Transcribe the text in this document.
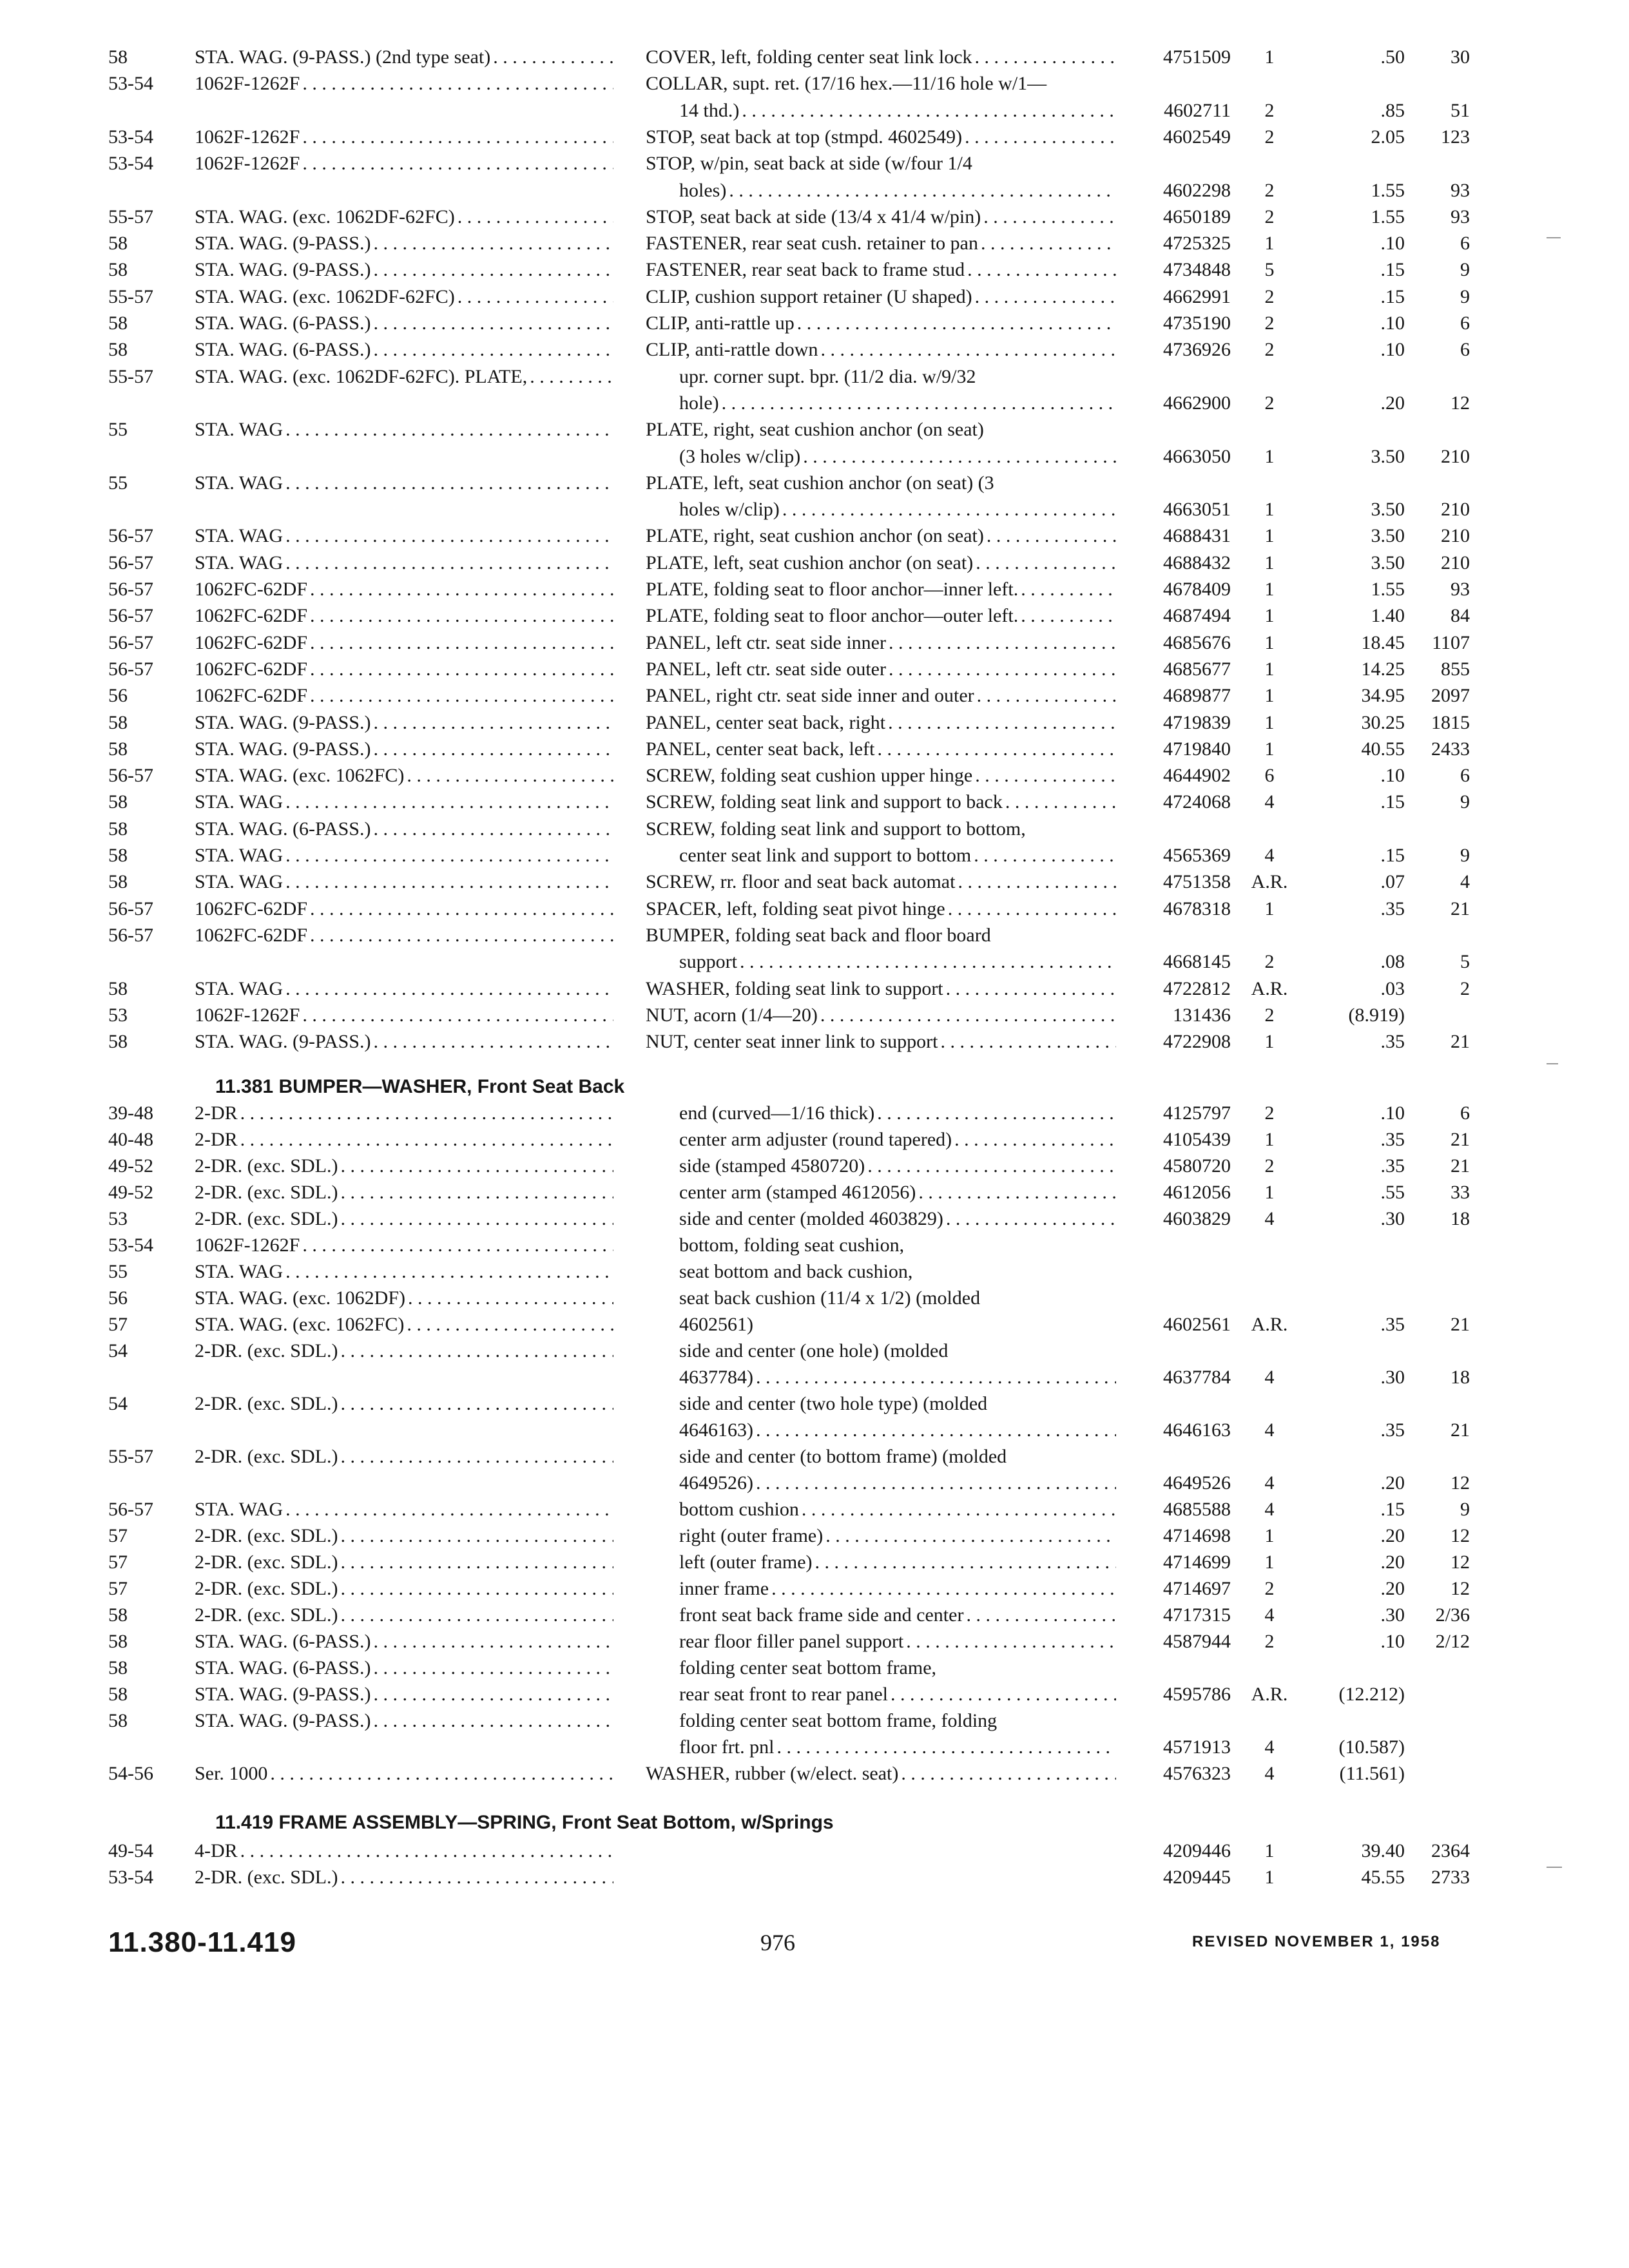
58	STA. WAG. (9-PASS.) (2nd type seat) . . .	COVER, left, folding center seat link lock . . .	4751509	1	.50	30
53-54	1062F-1262F . . .	COLLAR, supt. ret. (17/16 hex.—11/16 hole w/1—
14 thd.) . . .	4602711	2	.85	51
53-54	1062F-1262F . . .	STOP, seat back at top (stmpd. 4602549) . . .	4602549	2	2.05	123
53-54	1062F-1262F . . .	STOP, w/pin, seat back at side (w/four 1/4
holes) . . .	4602298	2	1.55	93
55-57	STA. WAG. (exc. 1062DF-62FC) . . .	STOP, seat back at side (13/4 x 41/4 w/pin) . . .	4650189	2	1.55	93
58	STA. WAG. (9-PASS.) . . .	FASTENER, rear seat cush. retainer to pan . . .	4725325	1	.10	6
58	STA. WAG. (9-PASS.) . . .	FASTENER, rear seat back to frame stud . . .	4734848	5	.15	9
55-57	STA. WAG. (exc. 1062DF-62FC) . . .	CLIP, cushion support retainer (U shaped) . . .	4662991	2	.15	9
58	STA. WAG. (6-PASS.) . . .	CLIP, anti-rattle up . . .	4735190	2	.10	6
58	STA. WAG. (6-PASS.) . . .	CLIP, anti-rattle down . . .	4736926	2	.10	6
55-57	STA. WAG. (exc. 1062DF-62FC). PLATE, . . .	upr. corner supt. bpr. (11/2 dia. w/9/32
hole) . . .	4662900	2	.20	12
55	STA. WAG . . .	PLATE, right, seat cushion anchor (on seat)
(3 holes w/clip) . . .	4663050	1	3.50	210
55	STA. WAG . . .	PLATE, left, seat cushion anchor (on seat) (3
holes w/clip) . . .	4663051	1	3.50	210
56-57	STA. WAG . . .	PLATE, right, seat cushion anchor (on seat) . . .	4688431	1	3.50	210
56-57	STA. WAG . . .	PLATE, left, seat cushion anchor (on seat) . . .	4688432	1	3.50	210
56-57	1062FC-62DF . . .	PLATE, folding seat to floor anchor—inner left. . . .	4678409	1	1.55	93
56-57	1062FC-62DF . . .	PLATE, folding seat to floor anchor—outer left. . . .	4687494	1	1.40	84
56-57	1062FC-62DF . . .	PANEL, left ctr. seat side inner . . .	4685676	1	18.45	1107
56-57	1062FC-62DF . . .	PANEL, left ctr. seat side outer . . .	4685677	1	14.25	855
56	1062FC-62DF . . .	PANEL, right ctr. seat side inner and outer . . .	4689877	1	34.95	2097
58	STA. WAG. (9-PASS.) . . .	PANEL, center seat back, right . . .	4719839	1	30.25	1815
58	STA. WAG. (9-PASS.) . . .	PANEL, center seat back, left . . .	4719840	1	40.55	2433
56-57	STA. WAG. (exc. 1062FC) . . .	SCREW, folding seat cushion upper hinge . . .	4644902	6	.10	6
58	STA. WAG . . .	SCREW, folding seat link and support to back . . .	4724068	4	.15	9
58	STA. WAG. (6-PASS.) . . .	SCREW, folding seat link and support to bottom,
58	STA. WAG . . .	center seat link and support to bottom . . .	4565369	4	.15	9
58	STA. WAG . . .	SCREW, rr. floor and seat back automat . . .	4751358	A.R.	.07	4
56-57	1062FC-62DF . . .	SPACER, left, folding seat pivot hinge . . .	4678318	1	.35	21
56-57	1062FC-62DF . . .	BUMPER, folding seat back and floor board
support . . .	4668145	2	.08	5
58	STA. WAG . . .	WASHER, folding seat link to support . . .	4722812	A.R.	.03	2
53	1062F-1262F . . .	NUT, acorn (1/4—20) . . .	131436	2	(8.919)
58	STA. WAG. (9-PASS.) . . .	NUT, center seat inner link to support . . .	4722908	1	.35	21
11.381 BUMPER—WASHER, Front Seat Back
39-48	2-DR . . .	end (curved—1/16 thick) . . .	4125797	2	.10	6
40-48	2-DR . . .	center arm adjuster (round tapered) . . .	4105439	1	.35	21
49-52	2-DR. (exc. SDL.) . . .	side (stamped 4580720) . . .	4580720	2	.35	21
49-52	2-DR. (exc. SDL.) . . .	center arm (stamped 4612056) . . .	4612056	1	.55	33
53	2-DR. (exc. SDL.) . . .	side and center (molded 4603829) . . .	4603829	4	.30	18
53-54	1062F-1262F . . .	bottom, folding seat cushion,
55	STA. WAG . . .	seat bottom and back cushion,
56	STA. WAG. (exc. 1062DF) . . .	seat back cushion (11/4 x 1/2) (molded
57	STA. WAG. (exc. 1062FC) . . .	4602561)	4602561	A.R.	.35	21
54	2-DR. (exc. SDL.) . . .	side and center (one hole) (molded
4637784) . . .	4637784	4	.30	18
54	2-DR. (exc. SDL.) . . .	side and center (two hole type) (molded
4646163) . . .	4646163	4	.35	21
55-57	2-DR. (exc. SDL.) . . .	side and center (to bottom frame) (molded
4649526) . . .	4649526	4	.20	12
56-57	STA. WAG . . .	bottom cushion . . .	4685588	4	.15	9
57	2-DR. (exc. SDL.) . . .	right (outer frame) . . .	4714698	1	.20	12
57	2-DR. (exc. SDL.) . . .	left (outer frame) . . .	4714699	1	.20	12
57	2-DR. (exc. SDL.) . . .	inner frame . . .	4714697	2	.20	12
58	2-DR. (exc. SDL.) . . .	front seat back frame side and center . . .	4717315	4	.30	2/36
58	STA. WAG. (6-PASS.) . . .	rear floor filler panel support . . .	4587944	2	.10	2/12
58	STA. WAG. (6-PASS.) . . .	folding center seat bottom frame,
58	STA. WAG. (9-PASS.) . . .	rear seat front to rear panel . . .	4595786	A.R.	(12.212)
58	STA. WAG. (9-PASS.) . . .	folding center seat bottom frame, folding
floor frt. pnl . . .	4571913	4	(10.587)
54-56	Ser. 1000 . . .	WASHER, rubber (w/elect. seat) . . .	4576323	4	(11.561)
11.419 FRAME ASSEMBLY—SPRING, Front Seat Bottom, w/Springs
49-54	4-DR . . .	4209446	1	39.40	2364
53-54	2-DR. (exc. SDL.) . . .	4209445	1	45.55	2733
11.380-11.419	976	REVISED NOVEMBER 1, 1958
